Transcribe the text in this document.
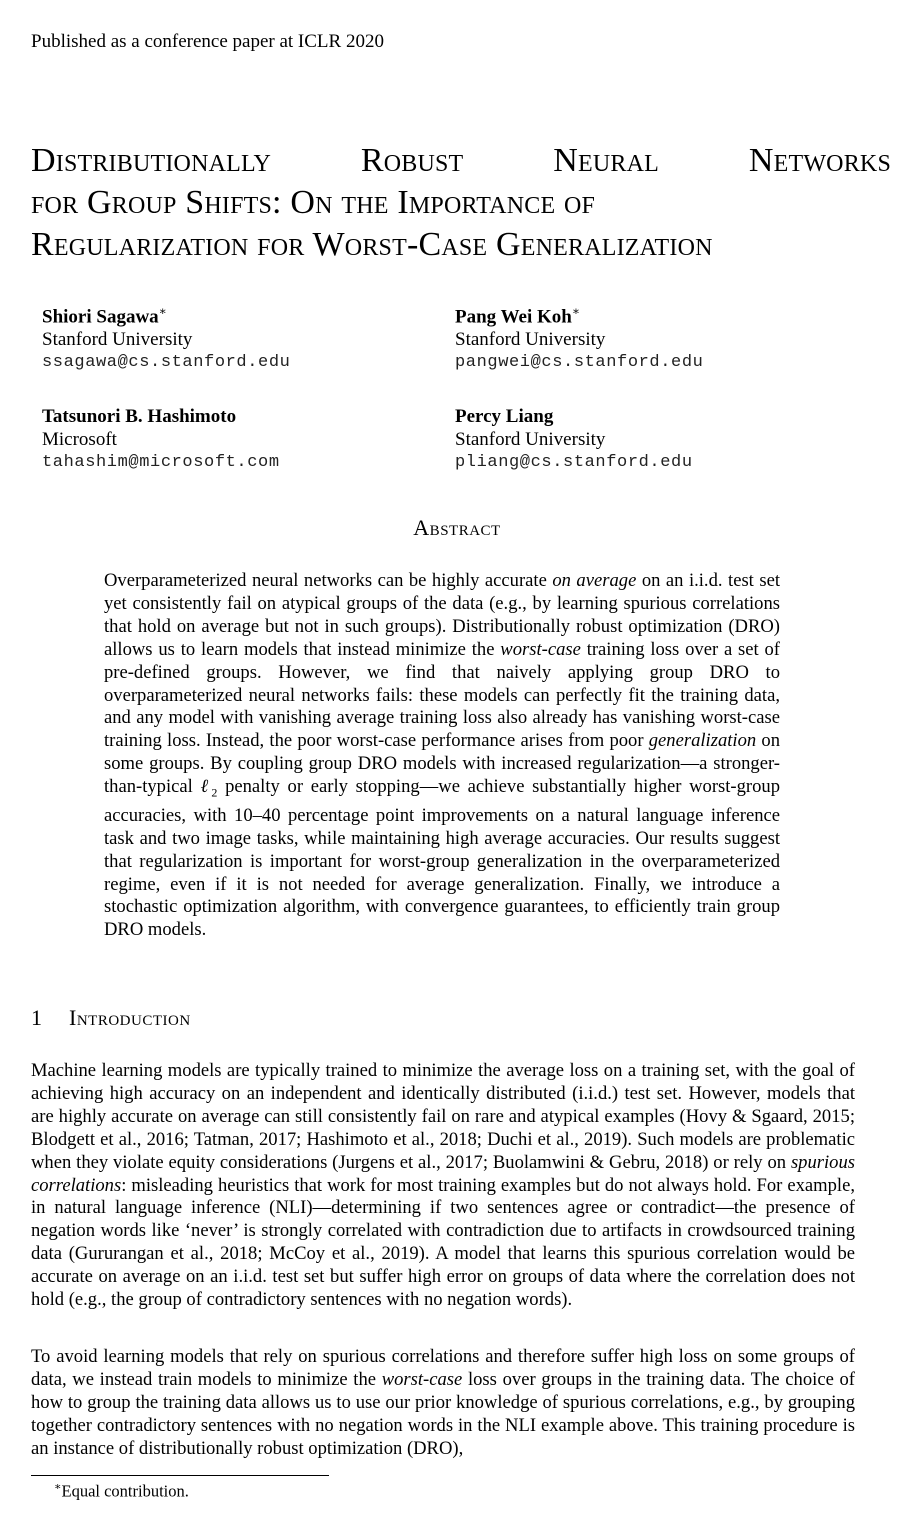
Published as a conference paper at ICLR 2020
Distributionally Robust Neural Networks
for Group Shifts: On the Importance of
Regularization for Worst-Case Generalization
Shiori Sagawa∗
Stanford University
ssagawa@cs.stanford.edu
Pang Wei Koh∗
Stanford University
pangwei@cs.stanford.edu
Tatsunori B. Hashimoto
Microsoft
tahashim@microsoft.com
Percy Liang
Stanford University
pliang@cs.stanford.edu
Abstract
Overparameterized neural networks can be highly accurate on average on an i.i.d. test set yet consistently fail on atypical groups of the data (e.g., by learning spurious correlations that hold on average but not in such groups). Distributionally robust optimization (DRO) allows us to learn models that instead minimize the worst-case training loss over a set of pre-defined groups. However, we find that naively applying group DRO to overparameterized neural networks fails: these models can perfectly fit the training data, and any model with vanishing average training loss also already has vanishing worst-case training loss. Instead, the poor worst-case performance arises from poor generalization on some groups. By coupling group DRO models with increased regularization—a stronger-than-typical ℓ$_2$ penalty or early stopping—we achieve substantially higher worst-group accuracies, with 10–40 percentage point improvements on a natural language inference task and two image tasks, while maintaining high average accuracies. Our results suggest that regularization is important for worst-group generalization in the overparameterized regime, even if it is not needed for average generalization. Finally, we introduce a stochastic optimization algorithm, with convergence guarantees, to efficiently train group DRO models.
1 Introduction
Machine learning models are typically trained to minimize the average loss on a training set, with the goal of achieving high accuracy on an independent and identically distributed (i.i.d.) test set. However, models that are highly accurate on average can still consistently fail on rare and atypical examples (Hovy & Sgaard, 2015; Blodgett et al., 2016; Tatman, 2017; Hashimoto et al., 2018; Duchi et al., 2019). Such models are problematic when they violate equity considerations (Jurgens et al., 2017; Buolamwini & Gebru, 2018) or rely on spurious correlations: misleading heuristics that work for most training examples but do not always hold. For example, in natural language inference (NLI)—determining if two sentences agree or contradict—the presence of negation words like ‘never’ is strongly correlated with contradiction due to artifacts in crowdsourced training data (Gururangan et al., 2018; McCoy et al., 2019). A model that learns this spurious correlation would be accurate on average on an i.i.d. test set but suffer high error on groups of data where the correlation does not hold (e.g., the group of contradictory sentences with no negation words).
To avoid learning models that rely on spurious correlations and therefore suffer high loss on some groups of data, we instead train models to minimize the worst-case loss over groups in the training data. The choice of how to group the training data allows us to use our prior knowledge of spurious correlations, e.g., by grouping together contradictory sentences with no negation words in the NLI example above. This training procedure is an instance of distributionally robust optimization (DRO),
∗Equal contribution.
